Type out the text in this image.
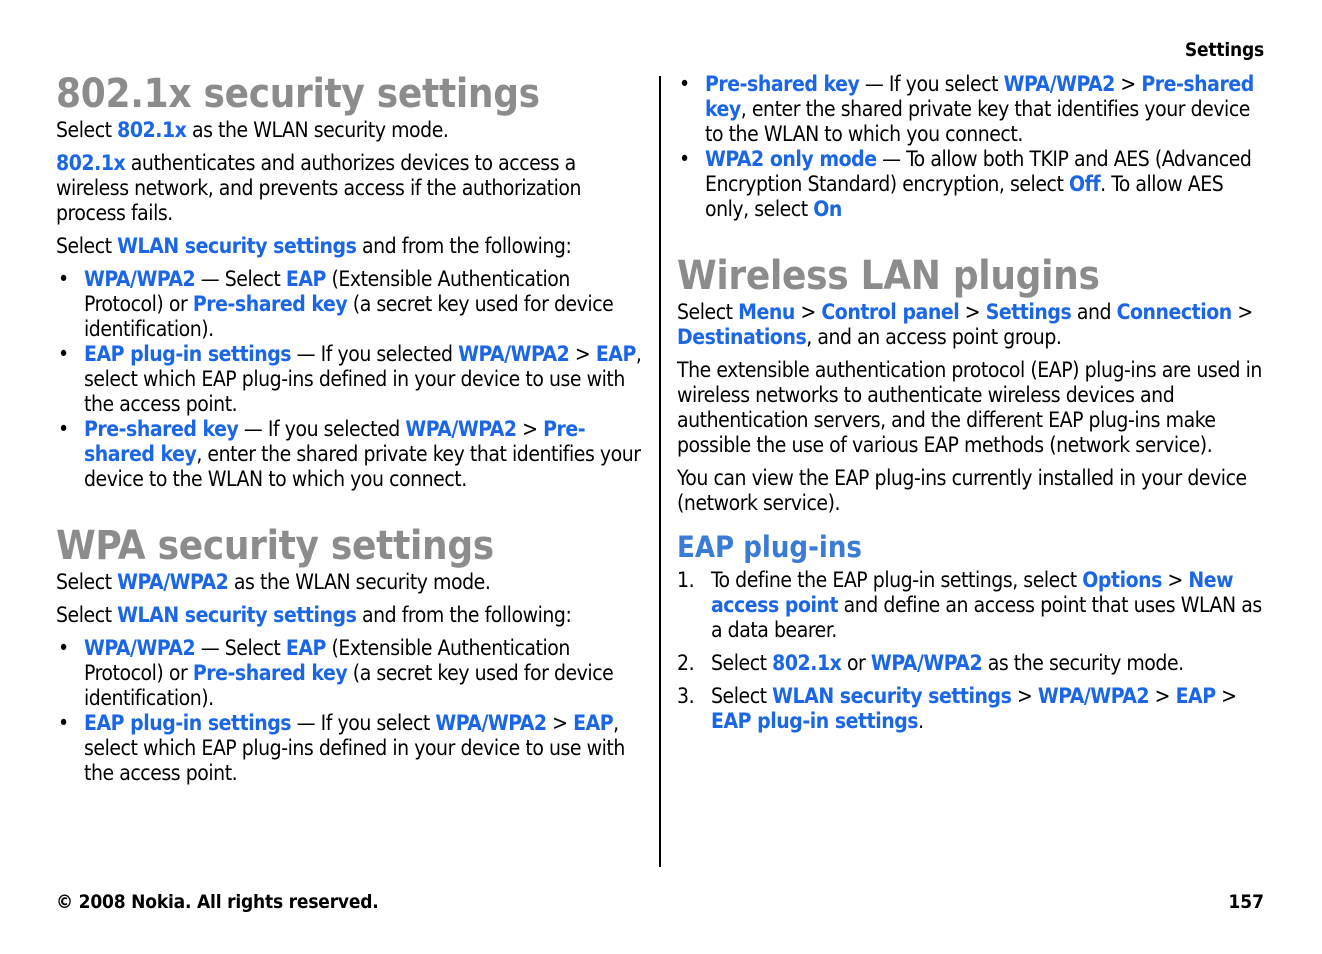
Settings
802.1x security settings

Select 802.1x as the WLAN security mode.

802.1x authenticates and authorizes devices to access a wireless network, and prevents access if the authorization process fails.

Select WLAN security settings and from the following:

• WPA/WPA2 — Select EAP (Extensible Authentication Protocol) or Pre-shared key (a secret key used for device identification).
• EAP plug-in settings — If you selected WPA/WPA2 > EAP, select which EAP plug-ins defined in your device to use with the access point.
• Pre-shared key — If you selected WPA/WPA2 > Pre-shared key, enter the shared private key that identifies your device to the WLAN to which you connect.
WPA security settings

Select WPA/WPA2 as the WLAN security mode.

Select WLAN security settings and from the following:

• WPA/WPA2 — Select EAP (Extensible Authentication Protocol) or Pre-shared key (a secret key used for device identification).
• EAP plug-in settings — If you select WPA/WPA2 > EAP, select which EAP plug-ins defined in your device to use with the access point.
• Pre-shared key — If you select WPA/WPA2 > Pre-shared key, enter the shared private key that identifies your device to the WLAN to which you connect.
• WPA2 only mode — To allow both TKIP and AES (Advanced Encryption Standard) encryption, select Off. To allow AES only, select On
Wireless LAN plugins

Select Menu > Control panel > Settings and Connection > Destinations, and an access point group.

The extensible authentication protocol (EAP) plug-ins are used in wireless networks to authenticate wireless devices and authentication servers, and the different EAP plug-ins make possible the use of various EAP methods (network service).

You can view the EAP plug-ins currently installed in your device (network service).

EAP plug-ins
1. To define the EAP plug-in settings, select Options > New access point and define an access point that uses WLAN as a data bearer.
2. Select 802.1x or WPA/WPA2 as the security mode.
3. Select WLAN security settings > WPA/WPA2 > EAP > EAP plug-in settings.
© 2008 Nokia. All rights reserved.	157
